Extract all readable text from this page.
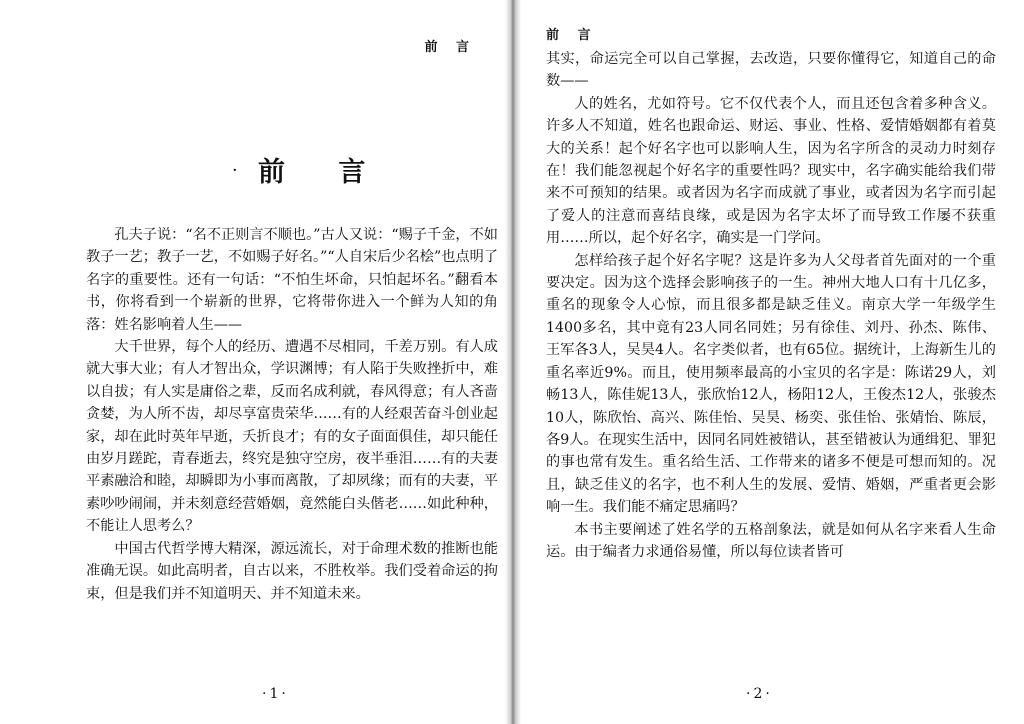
前 言
· 前 言

孔夫子说：“名不正则言不顺也。”古人又说：“赐子千金，不如教子一艺；教子一艺，不如赐子好名。”“人自宋后少名桧”也点明了名字的重要性。还有一句话：“不怕生坏命，只怕起坏名。”翻看本书，你将看到一个崭新的世界，它将带你进入一个鲜为人知的角落：姓名影响着人生——

大千世界，每个人的经历、遭遇不尽相同，千差万别。有人成就大事大业；有人才智出众，学识渊博；有人陷于失败挫折中，难以自拔；有人实是庸俗之辈，反而名成利就，春风得意；有人吝啬贪婪，为人所不齿，却尽享富贵荣华……有的人经艰苦奋斗创业起家，却在此时英年早逝，夭折良才；有的女子面面俱佳，却只能任由岁月蹉跎，青春逝去，终究是独守空房，夜半垂泪……有的夫妻平素融洽和睦，却瞬即为小事而离散，了却夙缘；而有的夫妻，平素吵吵闹闹，并未刻意经营婚姻，竟然能白头偕老……如此种种，不能让人思考么？

中国古代哲学博大精深，源远流长，对于命理术数的推断也能准确无误。如此高明者，自古以来，不胜枚举。我们受着命运的拘束，但是我们并不知道明天、并不知道未来。

·1·
前 言

其实，命运完全可以自己掌握，去改造，只要你懂得它，知道自己的命数——

人的姓名，尤如符号。它不仅代表个人，而且还包含着多种含义。许多人不知道，姓名也跟命运、财运、事业、性格、爱情婚姻都有着莫大的关系！起个好名字也可以影响人生，因为名字所含的灵动力时刻存在！我们能忽视起个好名字的重要性吗？现实中，名字确实能给我们带来不可预知的结果。或者因为名字而成就了事业，或者因为名字而引起了爱人的注意而喜结良缘，或是因为名字太坏了而导致工作屡不获重用……所以，起个好名字，确实是一门学问。

怎样给孩子起个好名字呢？这是许多为人父母者首先面对的一个重要决定。因为这个选择会影响孩子的一生。神州大地人口有十几亿多，重名的现象令人心惊，而且很多都是缺乏佳义。南京大学一年级学生1400多名，其中竟有23人同名同姓；另有徐佳、刘丹、孙杰、陈伟、王军各3人，吴昊4人。名字类似者，也有65位。据统计，上海新生儿的重名率近9%。而且，使用频率最高的小宝贝的名字是：陈诺29人，刘畅13人，陈佳妮13人，张欣怡12人，杨阳12人，王俊杰12人，张骏杰10人，陈欣怡、高兴、陈佳怡、吴昊、杨奕、张佳怡、张婧怡、陈辰，各9人。在现实生活中，因同名同姓被错认，甚至错被认为通缉犯、罪犯的事也常有发生。重名给生活、工作带来的诸多不便是可想而知的。况且，缺乏佳义的名字，也不利人生的发展、爱情、婚姻，严重者更会影响一生。我们能不痛定思痛吗？

本书主要阐述了姓名学的五格剖象法，就是如何从名字来看人生命运。由于编者力求通俗易懂，所以每位读者皆可

·2·
